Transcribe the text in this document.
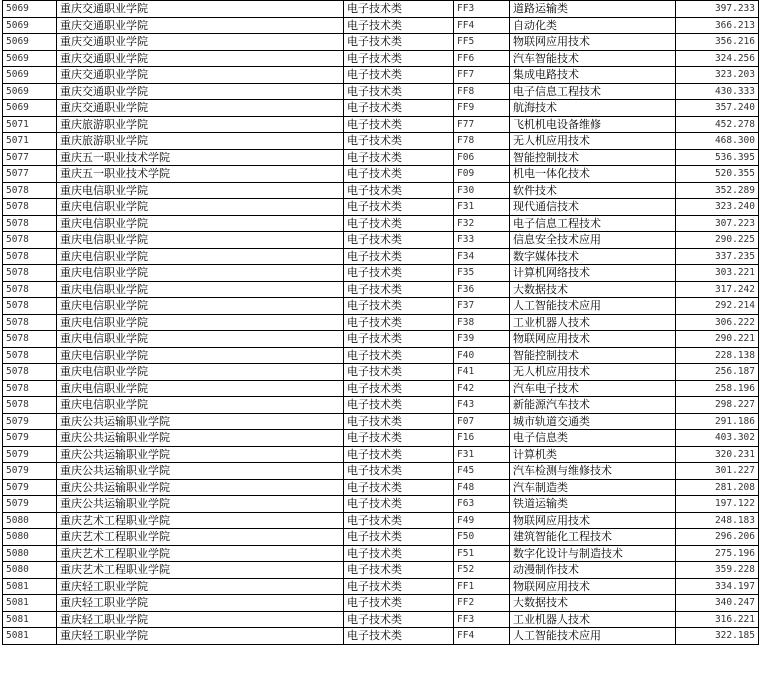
5069	重庆交通职业学院	电子技术类	FF3	道路运输类	397.233
5069	重庆交通职业学院	电子技术类	FF4	自动化类	366.213
5069	重庆交通职业学院	电子技术类	FF5	物联网应用技术	356.216
5069	重庆交通职业学院	电子技术类	FF6	汽车智能技术	324.256
5069	重庆交通职业学院	电子技术类	FF7	集成电路技术	323.203
5069	重庆交通职业学院	电子技术类	FF8	电子信息工程技术	430.333
5069	重庆交通职业学院	电子技术类	FF9	航海技术	357.240
5071	重庆旅游职业学院	电子技术类	F77	飞机机电设备维修	452.278
5071	重庆旅游职业学院	电子技术类	F78	无人机应用技术	468.300
5077	重庆五一职业技术学院	电子技术类	F06	智能控制技术	536.395
5077	重庆五一职业技术学院	电子技术类	F09	机电一体化技术	520.355
5078	重庆电信职业学院	电子技术类	F30	软件技术	352.289
5078	重庆电信职业学院	电子技术类	F31	现代通信技术	323.240
5078	重庆电信职业学院	电子技术类	F32	电子信息工程技术	307.223
5078	重庆电信职业学院	电子技术类	F33	信息安全技术应用	290.225
5078	重庆电信职业学院	电子技术类	F34	数字媒体技术	337.235
5078	重庆电信职业学院	电子技术类	F35	计算机网络技术	303.221
5078	重庆电信职业学院	电子技术类	F36	大数据技术	317.242
5078	重庆电信职业学院	电子技术类	F37	人工智能技术应用	292.214
5078	重庆电信职业学院	电子技术类	F38	工业机器人技术	306.222
5078	重庆电信职业学院	电子技术类	F39	物联网应用技术	290.221
5078	重庆电信职业学院	电子技术类	F40	智能控制技术	228.138
5078	重庆电信职业学院	电子技术类	F41	无人机应用技术	256.187
5078	重庆电信职业学院	电子技术类	F42	汽车电子技术	258.196
5078	重庆电信职业学院	电子技术类	F43	新能源汽车技术	298.227
5079	重庆公共运输职业学院	电子技术类	F07	城市轨道交通类	291.186
5079	重庆公共运输职业学院	电子技术类	F16	电子信息类	403.302
5079	重庆公共运输职业学院	电子技术类	F31	计算机类	320.231
5079	重庆公共运输职业学院	电子技术类	F45	汽车检测与维修技术	301.227
5079	重庆公共运输职业学院	电子技术类	F48	汽车制造类	281.208
5079	重庆公共运输职业学院	电子技术类	F63	铁道运输类	197.122
5080	重庆艺术工程职业学院	电子技术类	F49	物联网应用技术	248.183
5080	重庆艺术工程职业学院	电子技术类	F50	建筑智能化工程技术	296.206
5080	重庆艺术工程职业学院	电子技术类	F51	数字化设计与制造技术	275.196
5080	重庆艺术工程职业学院	电子技术类	F52	动漫制作技术	359.228
5081	重庆轻工职业学院	电子技术类	FF1	物联网应用技术	334.197
5081	重庆轻工职业学院	电子技术类	FF2	大数据技术	340.247
5081	重庆轻工职业学院	电子技术类	FF3	工业机器人技术	316.221
5081	重庆轻工职业学院	电子技术类	FF4	人工智能技术应用	322.185
